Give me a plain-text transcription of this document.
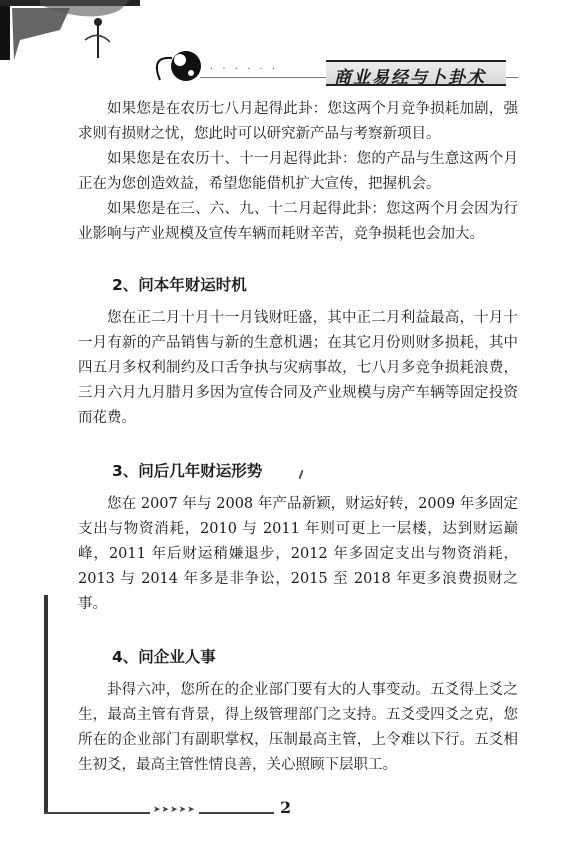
· · · · · ·	商业易经与卜卦术

如果您是在农历七八月起得此卦：您这两个月竞争损耗加剧，强求则有损财之忧，您此时可以研究新产品与考察新项目。

如果您是在农历十、十一月起得此卦：您的产品与生意这两个月正在为您创造效益，希望您能借机扩大宣传，把握机会。

如果您是在三、六、九、十二月起得此卦：您这两个月会因为行业影响与产业规模及宣传车辆而耗财辛苦，竞争损耗也会加大。

2、问本年财运时机

您在正二月十月十一月钱财旺盛，其中正二月利益最高，十月十一月有新的产品销售与新的生意机遇；在其它月份则财多损耗，其中四五月多权利制约及口舌争执与灾病事故，七八月多竞争损耗浪费，三月六月九月腊月多因为宣传合同及产业规模与房产车辆等固定投资而花费。

3、问后几年财运形势

您在 2007 年与 2008 年产品新颖，财运好转，2009 年多固定支出与物资消耗，2010 与 2011 年则可更上一层楼，达到财运巅峰，2011 年后财运稍嫌退步，2012 年多固定支出与物资消耗，2013 与 2014 年多是非争讼，2015 至 2018 年更多浪费损财之事。

4、问企业人事

卦得六冲，您所在的企业部门要有大的人事变动。五爻得上爻之生，最高主管有背景，得上级管理部门之支持。五爻受四爻之克，您所在的企业部门有副职掌权，压制最高主管，上令难以下行。五爻相生初爻，最高主管性情良善，关心照顾下层职工。

➤➤➤➤➤	2
